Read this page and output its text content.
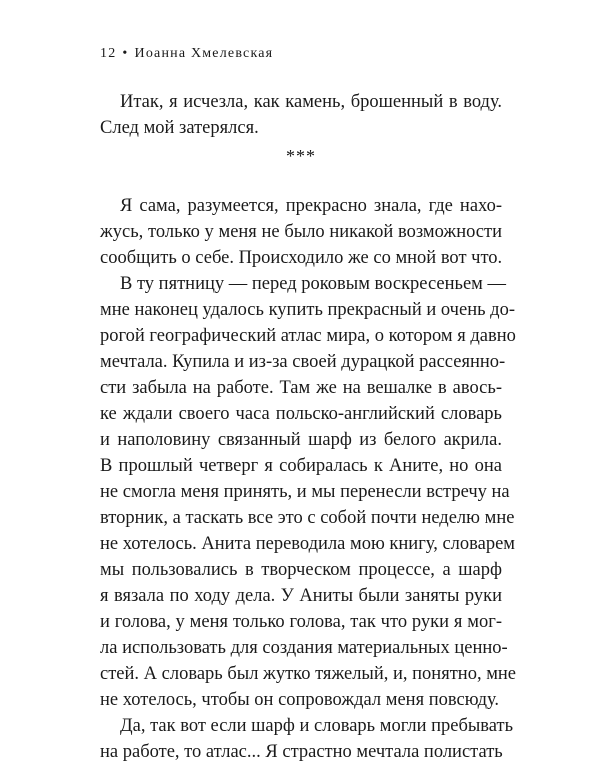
12 • Иоанна Хмелевская
Итак, я исчезла, как камень, брошенный в воду.
След мой затерялся.
***
Я сама, разумеется, прекрасно знала, где нахо-
жусь, только у меня не было никакой возможности
сообщить о себе. Происходило же со мной вот что.
В ту пятницу — перед роковым воскресеньем —
мне наконец удалось купить прекрасный и очень до-
рогой географический атлас мира, о котором я давно
мечтала. Купила и из-за своей дурацкой рассеянно-
сти забыла на работе. Там же на вешалке в авось-
ке ждали своего часа польско-английский словарь
и наполовину связанный шарф из белого акрила.
В прошлый четверг я собиралась к Аните, но она
не смогла меня принять, и мы перенесли встречу на
вторник, а таскать все это с собой почти неделю мне
не хотелось. Анита переводила мою книгу, словарем
мы пользовались в творческом процессе, а шарф
я вязала по ходу дела. У Аниты были заняты руки
и голова, у меня только голова, так что руки я мог-
ла использовать для создания материальных ценно-
стей. А словарь был жутко тяжелый, и, понятно, мне
не хотелось, чтобы он сопровождал меня повсюду.
Да, так вот если шарф и словарь могли пребывать
на работе, то атлас... Я страстно мечтала полистать
